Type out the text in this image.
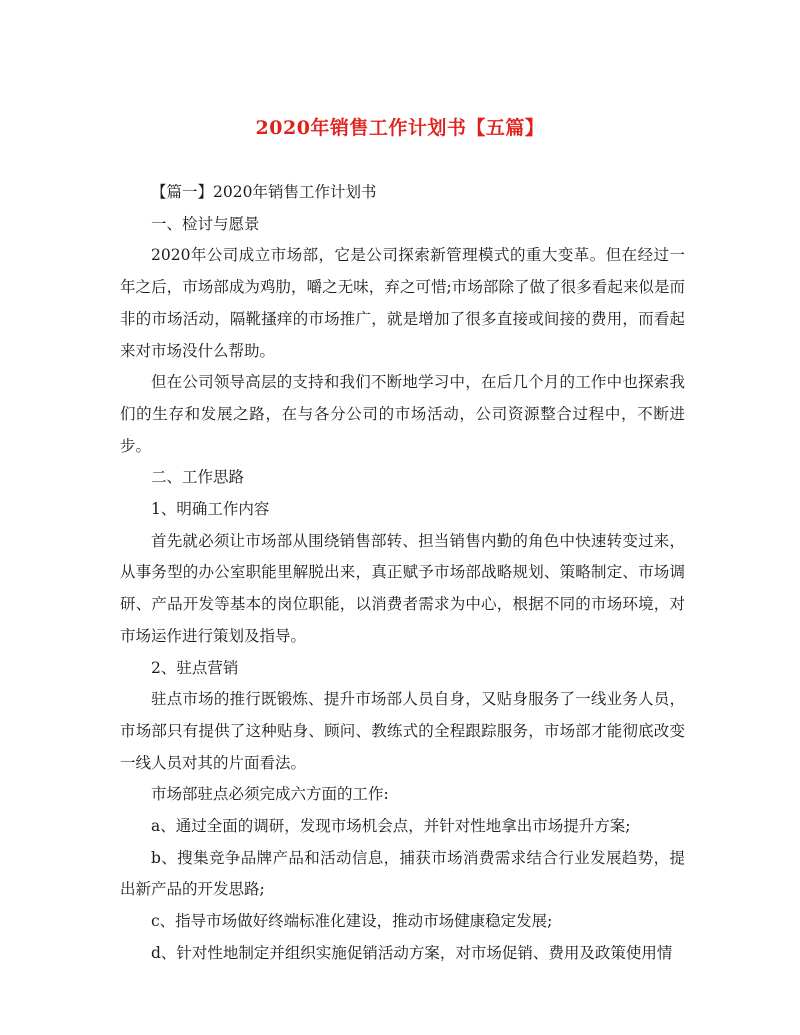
2020年销售工作计划书【五篇】

【篇一】2020年销售工作计划书

一、检讨与愿景

2020年公司成立市场部，它是公司探索新管理模式的重大变革。但在经过一年之后，市场部成为鸡肋，嚼之无味，弃之可惜;市场部除了做了很多看起来似是而非的市场活动，隔靴搔痒的市场推广，就是增加了很多直接或间接的费用，而看起来对市场没什么帮助。

但在公司领导高层的支持和我们不断地学习中，在后几个月的工作中也探索我们的生存和发展之路，在与各分公司的市场活动，公司资源整合过程中，不断进步。

二、工作思路

1、明确工作内容

首先就必须让市场部从围绕销售部转、担当销售内勤的角色中快速转变过来，从事务型的办公室职能里解脱出来，真正赋予市场部战略规划、策略制定、市场调研、产品开发等基本的岗位职能，以消费者需求为中心，根据不同的市场环境，对市场运作进行策划及指导。

2、驻点营销

驻点市场的推行既锻炼、提升市场部人员自身，又贴身服务了一线业务人员，市场部只有提供了这种贴身、顾问、教练式的全程跟踪服务，市场部才能彻底改变一线人员对其的片面看法。

市场部驻点必须完成六方面的工作:

a、通过全面的调研，发现市场机会点，并针对性地拿出市场提升方案;

b、搜集竞争品牌产品和活动信息，捕获市场消费需求结合行业发展趋势，提出新产品的开发思路;

c、指导市场做好终端标准化建设，推动市场健康稳定发展;

d、针对性地制定并组织实施促销活动方案，对市场促销、费用及政策使用情
